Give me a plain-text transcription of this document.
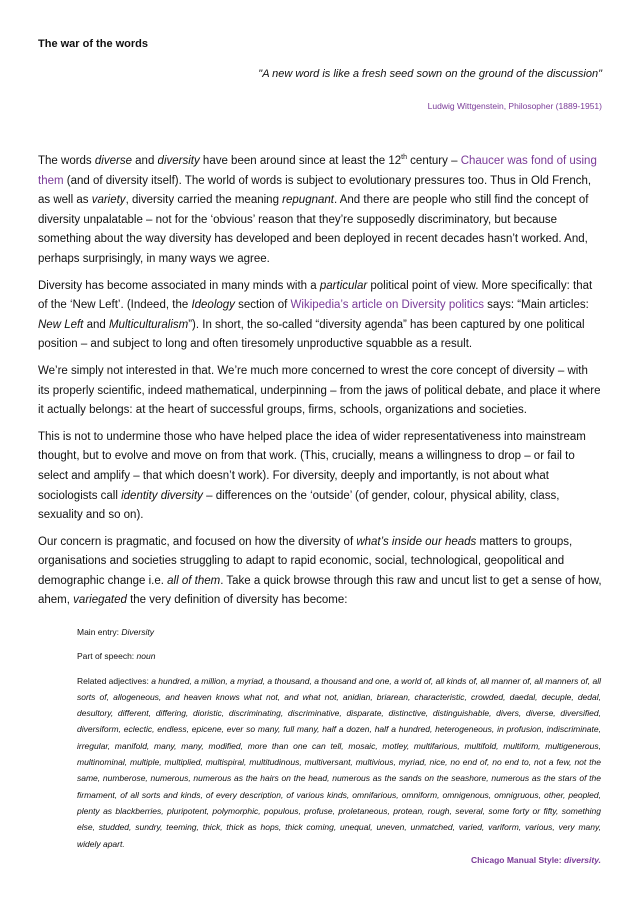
The war of the words
"A new word is like a fresh seed sown on the ground of the discussion"
Ludwig Wittgenstein, Philosopher (1889-1951)

The words diverse and diversity have been around since at least the 12th century – Chaucer was fond of using them (and of diversity itself). The world of words is subject to evolutionary pressures too. Thus in Old French, as well as variety, diversity carried the meaning repugnant. And there are people who still find the concept of diversity unpalatable – not for the ‘obvious’ reason that they’re supposedly discriminatory, but because something about the way diversity has developed and been deployed in recent decades hasn’t worked. And, perhaps surprisingly, in many ways we agree.

Diversity has become associated in many minds with a particular political point of view. More specifically: that of the ‘New Left’. (Indeed, the Ideology section of Wikipedia’s article on Diversity politics says: “Main articles: New Left and Multiculturalism”). In short, the so-called “diversity agenda” has been captured by one political position – and subject to long and often tiresomely unproductive squabble as a result.

We’re simply not interested in that. We’re much more concerned to wrest the core concept of diversity – with its properly scientific, indeed mathematical, underpinning – from the jaws of political debate, and place it where it actually belongs: at the heart of successful groups, firms, schools, organizations and societies.

This is not to undermine those who have helped place the idea of wider representativeness into mainstream thought, but to evolve and move on from that work. (This, crucially, means a willingness to drop – or fail to select and amplify – that which doesn’t work). For diversity, deeply and importantly, is not about what sociologists call identity diversity – differences on the ‘outside’ (of gender, colour, physical ability, class, sexuality and so on).

Our concern is pragmatic, and focused on how the diversity of what’s inside our heads matters to groups, organisations and societies struggling to adapt to rapid economic, social, technological, geopolitical and demographic change i.e. all of them. Take a quick browse through this raw and uncut list to get a sense of how, ahem, variegated the very definition of diversity has become:

Main entry: Diversity

Part of speech: noun

Related adjectives: a hundred, a million, a myriad, a thousand, a thousand and one, a world of, all kinds of, all manner of, all manners of, all sorts of, allogeneous, and heaven knows what not, and what not, anidian, briarean, characteristic, crowded, daedal, decuple, dedal, desultory, different, differing, dioristic, discriminating, discriminative, disparate, distinctive, distinguishable, divers, diverse, diversified, diversiform, eclectic, endless, epicene, ever so many, full many, half a dozen, half a hundred, heterogeneous, in profusion, indiscriminate, irregular, manifold, many, many, modified, more than one can tell, mosaic, motley, multifarious, multifold, multiform, multigenerous, multinominal, multiple, multiplied, multispiral, multitudinous, multiversant, multivious, myriad, nice, no end of, no end to, not a few, not the same, numberose, numerous, numerous as the hairs on the head, numerous as the sands on the seashore, numerous as the stars of the firmament, of all sorts and kinds, of every description, of various kinds, omnifarious, omniform, omnigenous, omnigruous, other, peopled, plenty as blackberries, pluripotent, polymorphic, populous, profuse, proletaneous, protean, rough, several, some forty or fifty, something else, studded, sundry, teeming, thick, thick as hops, thick coming, unequal, uneven, unmatched, varied, variform, various, very many, widely apart.

Chicago Manual Style: diversity.
